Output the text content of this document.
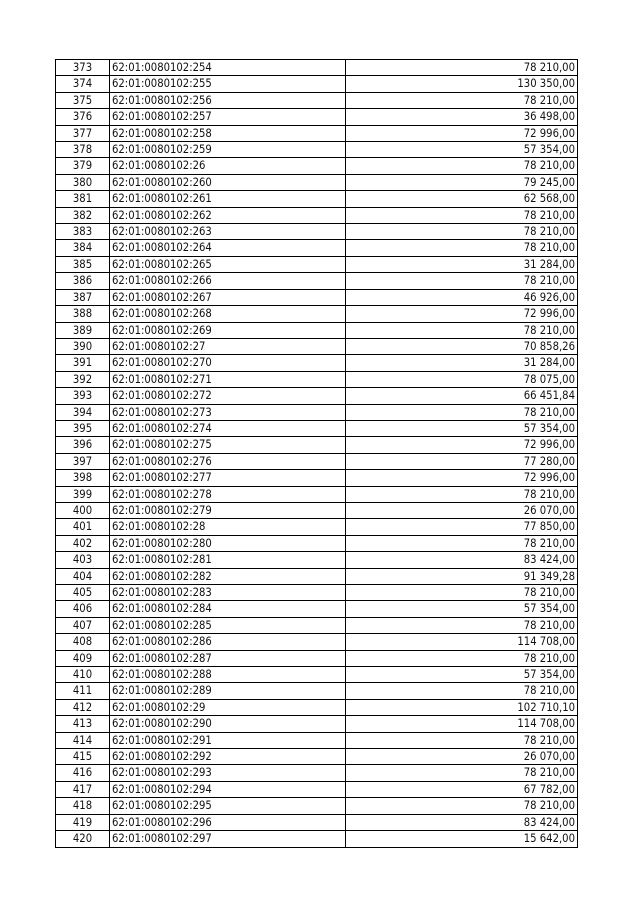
373	62:01:0080102:254	78 210,00
374	62:01:0080102:255	130 350,00
375	62:01:0080102:256	78 210,00
376	62:01:0080102:257	36 498,00
377	62:01:0080102:258	72 996,00
378	62:01:0080102:259	57 354,00
379	62:01:0080102:26	78 210,00
380	62:01:0080102:260	79 245,00
381	62:01:0080102:261	62 568,00
382	62:01:0080102:262	78 210,00
383	62:01:0080102:263	78 210,00
384	62:01:0080102:264	78 210,00
385	62:01:0080102:265	31 284,00
386	62:01:0080102:266	78 210,00
387	62:01:0080102:267	46 926,00
388	62:01:0080102:268	72 996,00
389	62:01:0080102:269	78 210,00
390	62:01:0080102:27	70 858,26
391	62:01:0080102:270	31 284,00
392	62:01:0080102:271	78 075,00
393	62:01:0080102:272	66 451,84
394	62:01:0080102:273	78 210,00
395	62:01:0080102:274	57 354,00
396	62:01:0080102:275	72 996,00
397	62:01:0080102:276	77 280,00
398	62:01:0080102:277	72 996,00
399	62:01:0080102:278	78 210,00
400	62:01:0080102:279	26 070,00
401	62:01:0080102:28	77 850,00
402	62:01:0080102:280	78 210,00
403	62:01:0080102:281	83 424,00
404	62:01:0080102:282	91 349,28
405	62:01:0080102:283	78 210,00
406	62:01:0080102:284	57 354,00
407	62:01:0080102:285	78 210,00
408	62:01:0080102:286	114 708,00
409	62:01:0080102:287	78 210,00
410	62:01:0080102:288	57 354,00
411	62:01:0080102:289	78 210,00
412	62:01:0080102:29	102 710,10
413	62:01:0080102:290	114 708,00
414	62:01:0080102:291	78 210,00
415	62:01:0080102:292	26 070,00
416	62:01:0080102:293	78 210,00
417	62:01:0080102:294	67 782,00
418	62:01:0080102:295	78 210,00
419	62:01:0080102:296	83 424,00
420	62:01:0080102:297	15 642,00
